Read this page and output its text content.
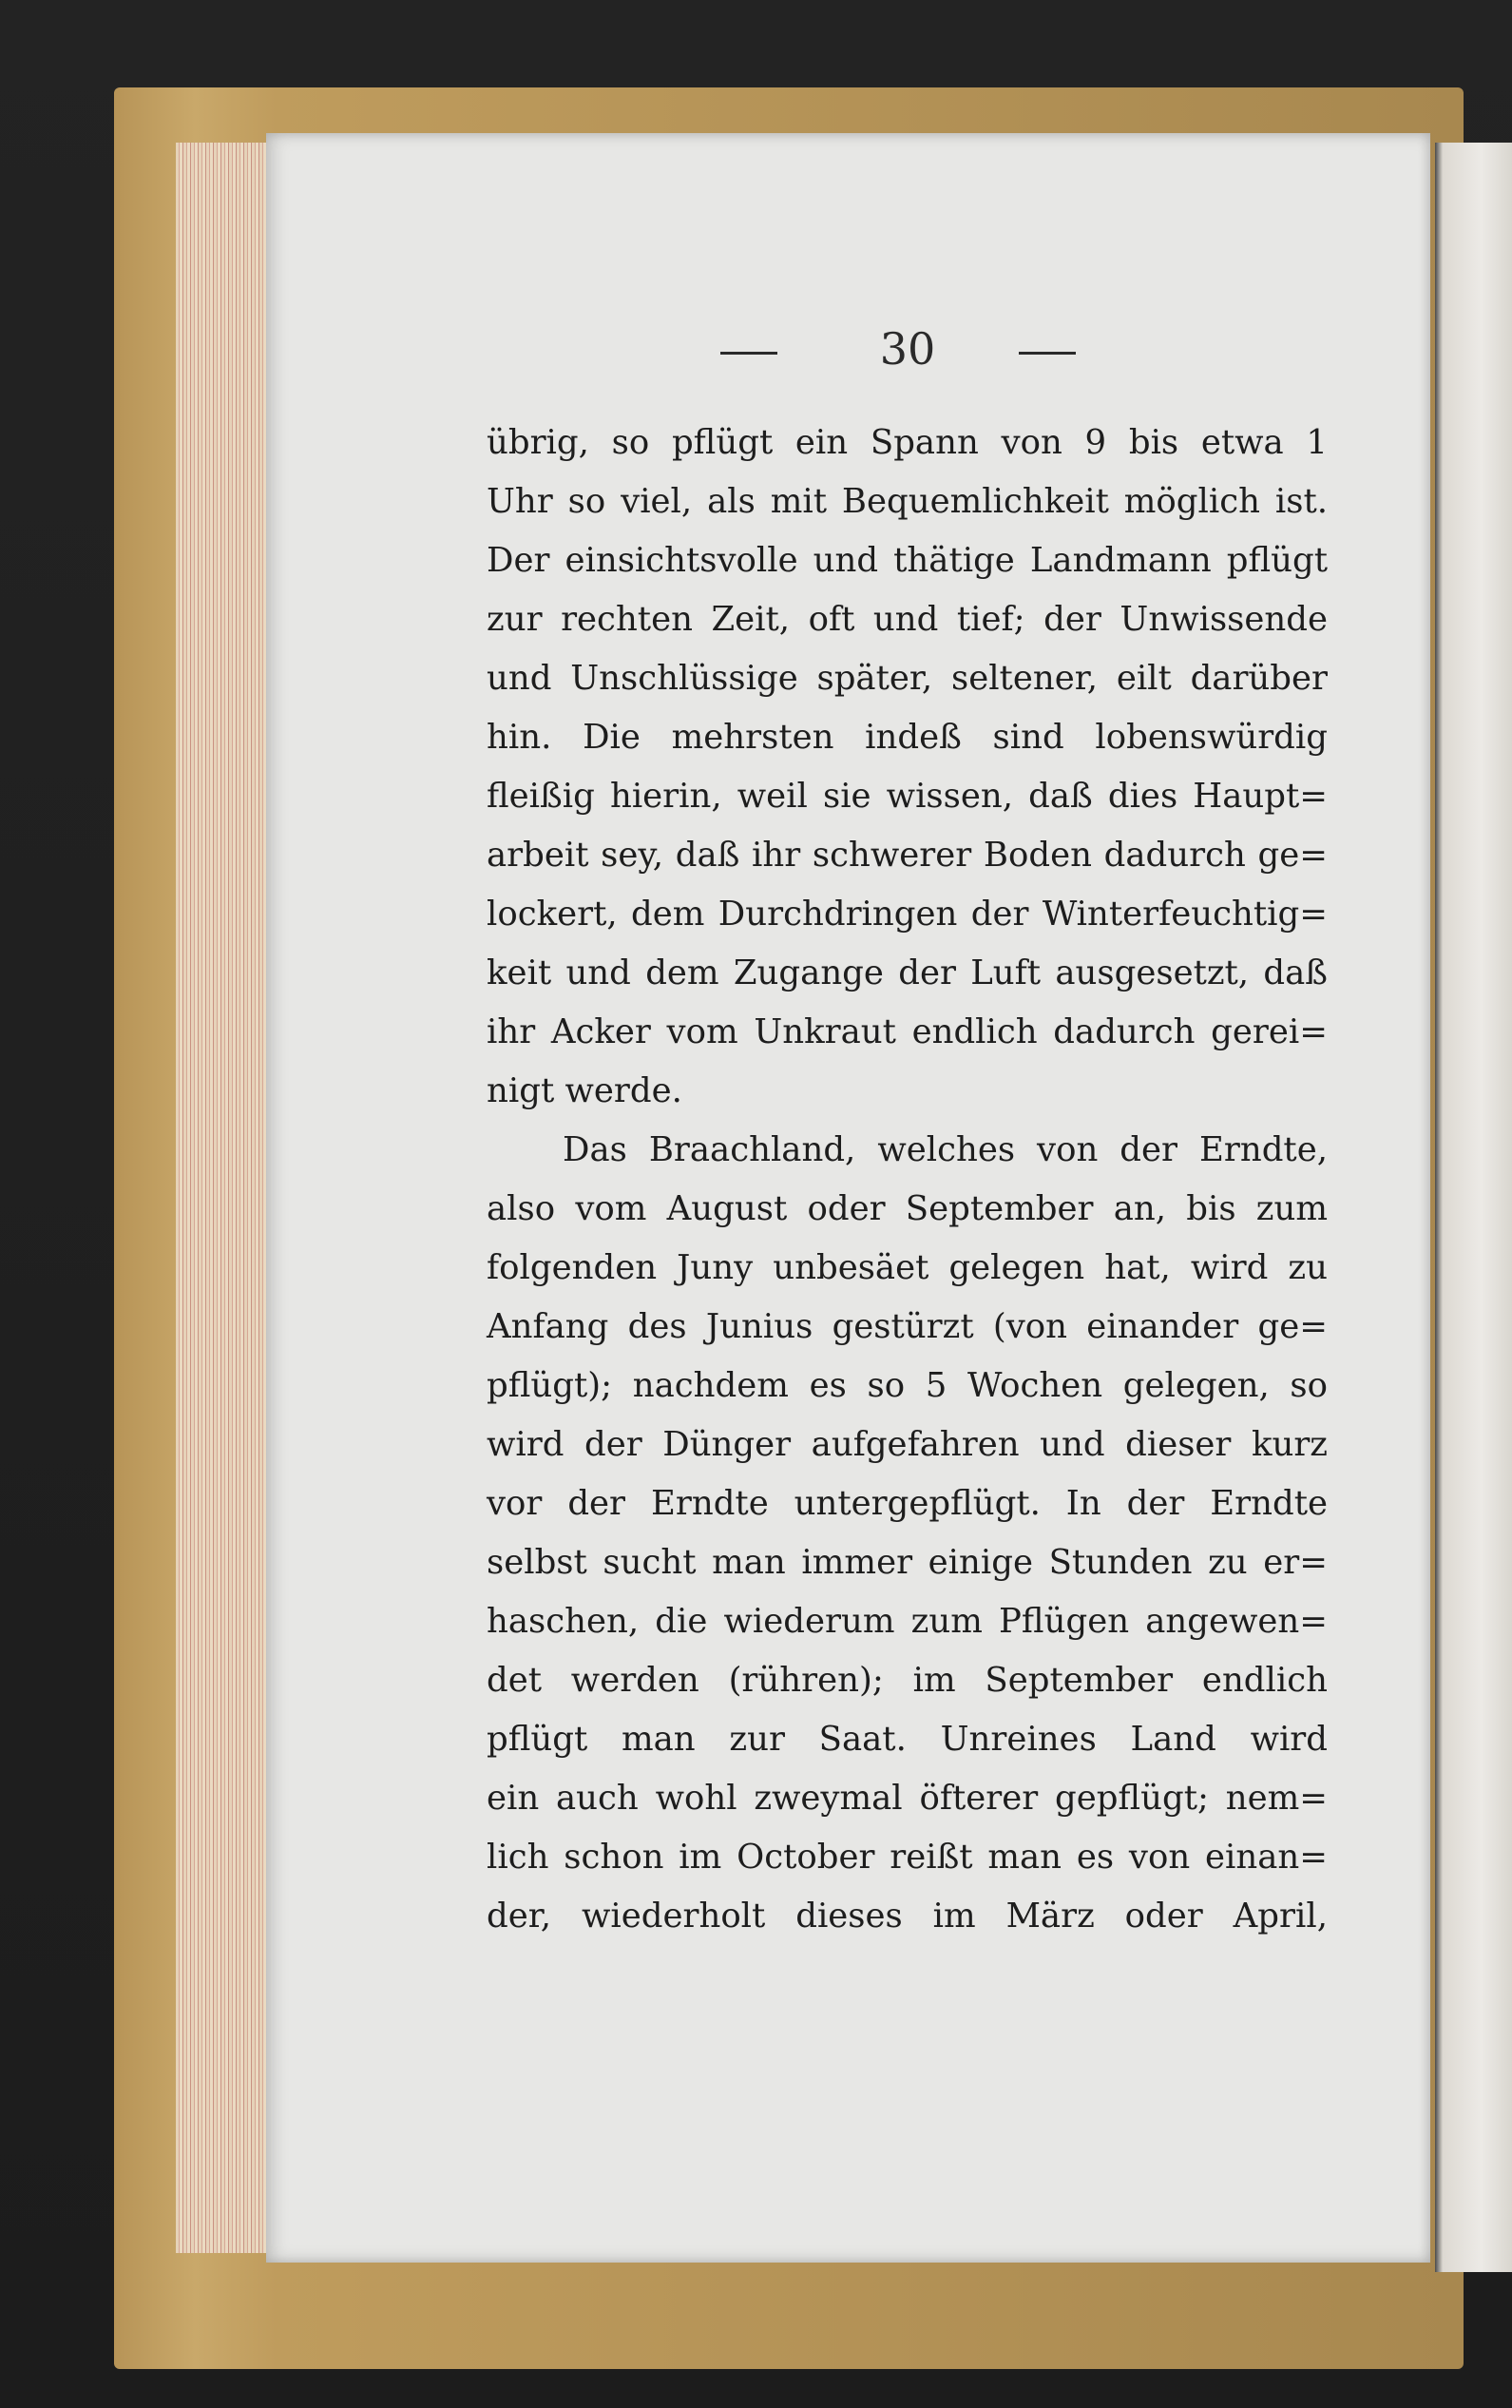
30
übrig, so pflügt ein Spann von 9 bis etwa 1
Uhr so viel, als mit Bequemlichkeit möglich ist.
Der einsichtsvolle und thätige Landmann pflügt
zur rechten Zeit, oft und tief; der Unwissende
und Unschlüssige später, seltener, eilt darüber
hin. Die mehrsten indeß sind lobenswürdig
fleißig hierin, weil sie wissen, daß dies Haupt=
arbeit sey, daß ihr schwerer Boden dadurch ge=
lockert, dem Durchdringen der Winterfeuchtig=
keit und dem Zugange der Luft ausgesetzt, daß
ihr Acker vom Unkraut endlich dadurch gerei=
nigt werde.
Das Braachland, welches von der Erndte,
also vom August oder September an, bis zum
folgenden Juny unbesäet gelegen hat, wird zu
Anfang des Junius gestürzt (von einander ge=
pflügt); nachdem es so 5 Wochen gelegen, so
wird der Dünger aufgefahren und dieser kurz
vor der Erndte untergepflügt. In der Erndte
selbst sucht man immer einige Stunden zu er=
haschen, die wiederum zum Pflügen angewen=
det werden (rühren); im September endlich
pflügt man zur Saat. Unreines Land wird
ein auch wohl zweymal öfterer gepflügt; nem=
lich schon im October reißt man es von einan=
der, wiederholt dieses im März oder April,
